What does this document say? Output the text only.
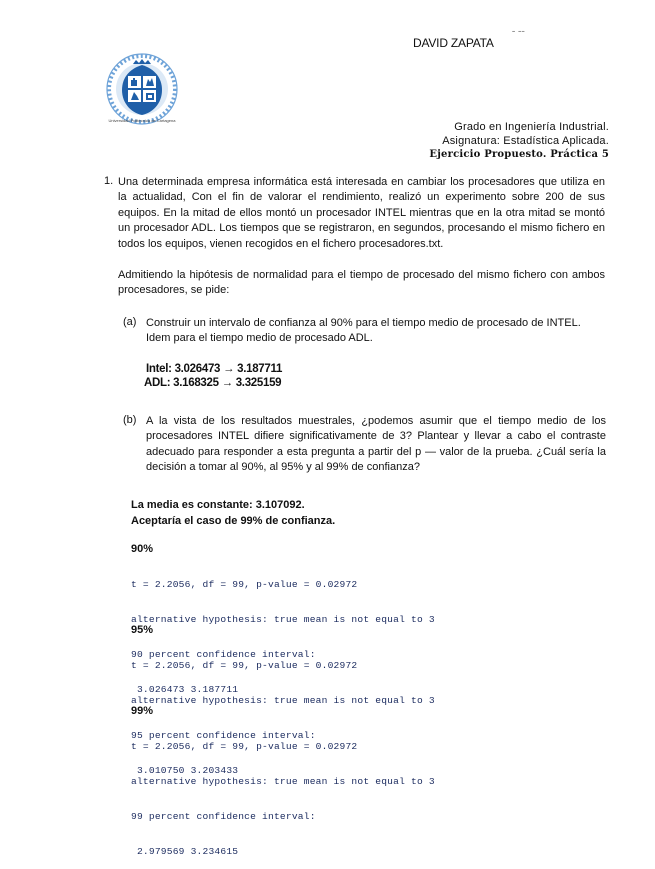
DAVID ZAPATA
ˉ ˉˉ
Universidad Politécnica de Cartagena
Grado en Ingeniería Industrial.
Asignatura: Estadística Aplicada.
Ejercicio Propuesto. Práctica 5
1. Una determinada empresa informática está interesada en cambiar los procesadores que utiliza en la actualidad, Con el fin de valorar el rendimiento, realizó un experimento sobre 200 de sus equipos. En la mitad de ellos montó un procesador INTEL mientras que en la otra mitad se montó un procesador ADL. Los tiempos que se registraron, en segundos, procesando el mismo fichero en todos los equipos, vienen recogidos en el fichero procesadores.txt.
Admitiendo la hipótesis de normalidad para el tiempo de procesado del mismo fichero con ambos procesadores, se pide:
(a) Construir un intervalo de confianza al 90% para el tiempo medio de procesado de INTEL. Idem para el tiempo medio de procesado ADL.
Intel: 3.026473 → 3.187711
ADL: 3.168325 → 3.325159
(b) A la vista de los resultados muestrales, ¿podemos asumir que el tiempo medio de los procesadores INTEL difiere significativamente de 3? Plantear y llevar a cabo el contraste adecuado para responder a esta pregunta a partir del p — valor de la prueba. ¿Cuál sería la decisión a tomar al 90%, al 95% y al 99% de confianza?
La media es constante: 3.107092.
Aceptaría el caso de 99% de confianza.
90%

t = 2.2056, df = 99, p-value = 0.02972

alternative hypothesis: true mean is not equal to 3

90 percent confidence interval:

3.026473 3.187711

95%

t = 2.2056, df = 99, p-value = 0.02972

alternative hypothesis: true mean is not equal to 3

95 percent confidence interval:

3.010750 3.203433

99%

t = 2.2056, df = 99, p-value = 0.02972

alternative hypothesis: true mean is not equal to 3

99 percent confidence interval:

2.979569 3.234615
